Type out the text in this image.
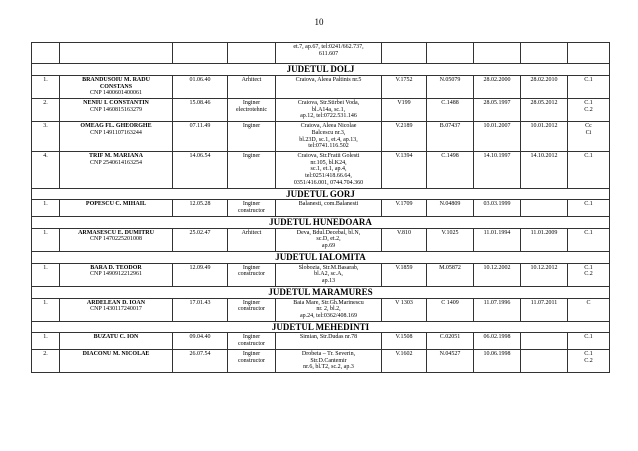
10

				et.7, ap.67, tel:0241/662.737,
611.607					

JUDETUL DOLJ									
1.	BRANDUSOIU M. RADU
CONSTANS
CNP 1400601400061	01.06.40	Arhitect	Craiova, Aleea Paltinis nr.5	V.1752	N.05079	28.02.2000	28.02.2010	C.1

2.	NENIU I. CONSTANTIN
CNP 1460815163279	15.08.46	Inginer
electrotehnic	Craiova, Str.Stirbei Voda,
bl.A14a, sc.1,
ap.12, tel:0722.531.146	V199	C.1488	28.05.1997	28.05.2012	C.1
C.2

3.	OMEAG FL. GHEORGHE
CNP 1491107163244	07.11.49	Inginer	Craiova, Aleea Nicolae
Balcescu nr.3,
bl.23D, sc.1, et.4, ap.13,
tel:0741.116.502	V.2189	B.07437	10.01.2007	10.01.2012	Cc
Ci

4.	TRIF M. MARIANA
CNP 2540614163254	14.06.54	Inginer	Craiova, Str.Fratii Golesti
nr.105, bl.K24,
sc.1, et.1, ap.4,
tel:0251/418.66.64,
0351/416.001, 0744.704.360	V.1394	C.1498	14.10.1997	14.10.2012	C.1

JUDETUL GORJ									
1.	POPESCU C. MIHAIL	12.05.28	Inginer
constructor	Balanesti, com.Balanesti	V.1709	N.04809	03.03.1999		C.1

JUDETUL HUNEDOARA									
1.	ARMASESCU E. DUMITRU
CNP 1470225201008	25.02.47	Arhitect	Deva, Bdul.Decebal, bl.N,
sc.D, et.2,
ap.69	V.810	V.1025	11.01.1994	11.01.2009	C.1

JUDETUL IALOMITA									
1.	BARA D. TEODOR
CNP 1490912212961	12.09.49	Inginer
constructor	Slobozia, Str.M.Basarab,
bl.A2, sc.A,
ap.13	V.1859	M.05872	10.12.2002	10.12.2012	C.1
C.2

JUDETUL MARAMURES									
1.	ARDELEAN D. IOAN
CNP 1430117240017	17.01.43	Inginer
constructor	Baia Mare, Str.Gh.Marinescu
nr. 2, bl.2,
ap.24, tel:0362/408.169	V 1303	C 1409	11.07.1996	11.07.2011	C

JUDETUL MEHEDINTI									
1.	BUZATU C. ION	09.04.40	Inginer
constructor	Simian, Str.Dudas nr.78	V.1508	C.02051	06.02.1998		C.1

2.	DIACONU M. NICOLAE	26.07.54	Inginer
constructor	Drobeta – Tr. Severin,
Str.D.Cantemir
nr.6, bl.T2, sc.2, ap.3	V.1602	N.04527	10.06.1998		C.1
C.2
